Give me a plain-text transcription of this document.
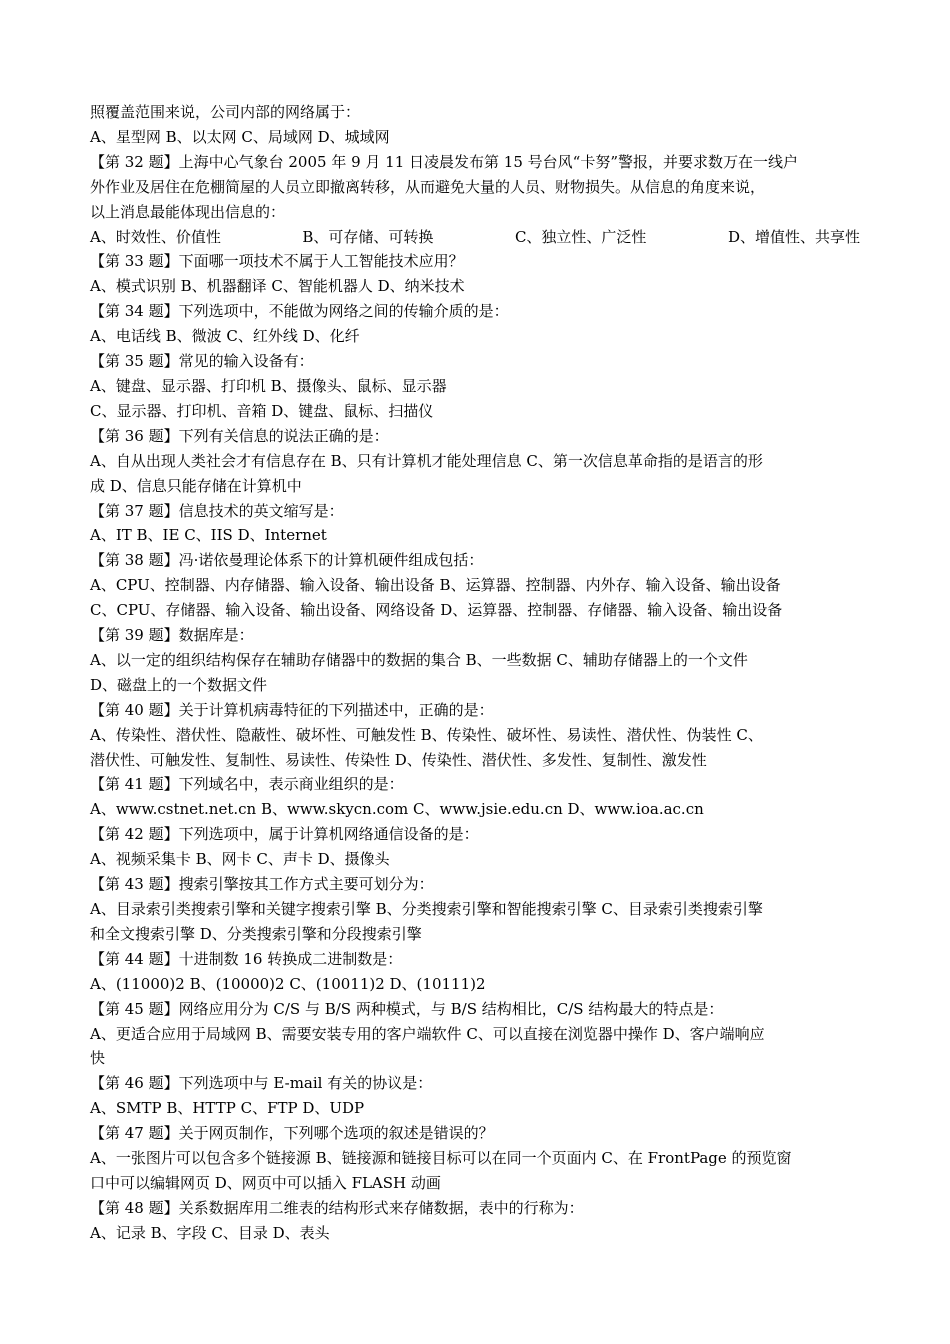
照覆盖范围来说，公司内部的网络属于：
A、星型网 B、以太网 C、局域网 D、城域网
【第 32 题】上海中心气象台 2005 年 9 月 11 日凌晨发布第 15 号台风“卡努”警报，并要求数万在一线户
外作业及居住在危棚简屋的人员立即撤离转移，从而避免大量的人员、财物损失。从信息的角度来说，
以上消息最能体现出信息的：
A、时效性、价值性	B、可存储、可转换	C、独立性、广泛性	D、增值性、共享性
【第 33 题】下面哪一项技术不属于人工智能技术应用？
A、模式识别 B、机器翻译 C、智能机器人 D、纳米技术
【第 34 题】下列选项中，不能做为网络之间的传输介质的是：
A、电话线 B、微波 C、红外线 D、化纤
【第 35 题】常见的输入设备有：
A、键盘、显示器、打印机 B、摄像头、鼠标、显示器
C、显示器、打印机、音箱 D、键盘、鼠标、扫描仪
【第 36 题】下列有关信息的说法正确的是：
A、自从出现人类社会才有信息存在 B、只有计算机才能处理信息 C、第一次信息革命指的是语言的形
成 D、信息只能存储在计算机中
【第 37 题】信息技术的英文缩写是：
A、IT B、IE C、IIS D、Internet
【第 38 题】冯·诺依曼理论体系下的计算机硬件组成包括：
A、CPU、控制器、内存储器、输入设备、输出设备 B、运算器、控制器、内外存、输入设备、输出设备
C、CPU、存储器、输入设备、输出设备、网络设备 D、运算器、控制器、存储器、输入设备、输出设备
【第 39 题】数据库是：
A、以一定的组织结构保存在辅助存储器中的数据的集合 B、一些数据 C、辅助存储器上的一个文件
D、磁盘上的一个数据文件
【第 40 题】关于计算机病毒特征的下列描述中，正确的是：
A、传染性、潜伏性、隐蔽性、破坏性、可触发性 B、传染性、破坏性、易读性、潜伏性、伪装性 C、
潜伏性、可触发性、复制性、易读性、传染性 D、传染性、潜伏性、多发性、复制性、激发性
【第 41 题】下列域名中，表示商业组织的是：
A、www.cstnet.net.cn B、www.skycn.com C、www.jsie.edu.cn D、www.ioa.ac.cn
【第 42 题】下列选项中，属于计算机网络通信设备的是：
A、视频采集卡 B、网卡 C、声卡 D、摄像头
【第 43 题】搜索引擎按其工作方式主要可划分为：
A、目录索引类搜索引擎和关键字搜索引擎 B、分类搜索引擎和智能搜索引擎 C、目录索引类搜索引擎
和全文搜索引擎 D、分类搜索引擎和分段搜索引擎
【第 44 题】十进制数 16 转换成二进制数是：
A、(11000)2 B、(10000)2 C、(10011)2 D、(10111)2
【第 45 题】网络应用分为 C/S 与 B/S 两种模式，与 B/S 结构相比，C/S 结构最大的特点是：
A、更适合应用于局域网 B、需要安装专用的客户端软件 C、可以直接在浏览器中操作 D、客户端响应
快
【第 46 题】下列选项中与 E-mail 有关的协议是：
A、SMTP B、HTTP C、FTP D、UDP
【第 47 题】关于网页制作，下列哪个选项的叙述是错误的？
A、一张图片可以包含多个链接源 B、链接源和链接目标可以在同一个页面内 C、在 FrontPage 的预览窗
口中可以编辑网页 D、网页中可以插入 FLASH 动画
【第 48 题】关系数据库用二维表的结构形式来存储数据，表中的行称为：
A、记录 B、字段 C、目录 D、表头
